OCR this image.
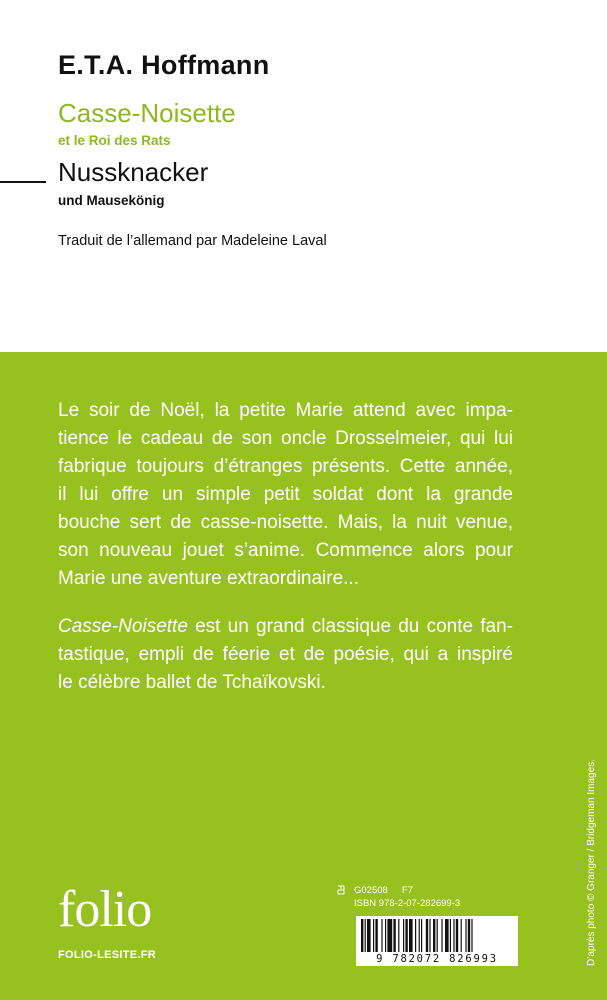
E.T.A. Hoffmann
Casse-Noisette
et le Roi des Rats
Nussknacker
und Mausekönig
Traduit de l’allemand par Madeleine Laval
Le soir de Noël, la petite Marie attend avec impa-
tience le cadeau de son oncle Drosselmeier, qui lui
fabrique toujours d’étranges présents. Cette année,
il lui offre un simple petit soldat dont la grande
bouche sert de casse-noisette. Mais, la nuit venue,
son nouveau jouet s’anime. Commence alors pour
Marie une aventure extraordinaire...
Casse-Noisette est un grand classique du conte fan-
tastique, empli de féerie et de poésie, qui a inspiré
le célèbre ballet de Tchaïkovski.
D’après photo © Granger / Bridgeman Images.
folio
FOLIO-LESITE.FR
G02508 F7
ISBN 978-2-07-282699-3
9 782072 826993
